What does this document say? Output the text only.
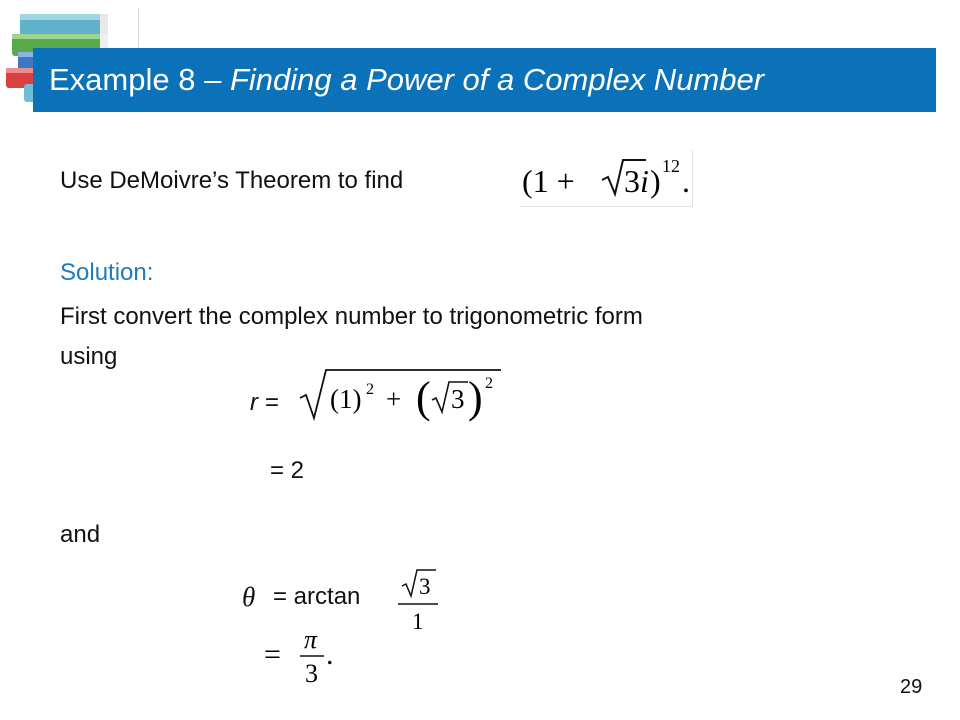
Example 8 – Finding a Power of a Complex Number
Use DeMoivre’s Theorem to find	(1 + 3 i ) 12 .
Solution:
First convert the complex number to trigonometric form
using
r = (1) 2 + ( 3 ) 2
= 2
and
θ = arctan	3
1
= π
3
.
29
